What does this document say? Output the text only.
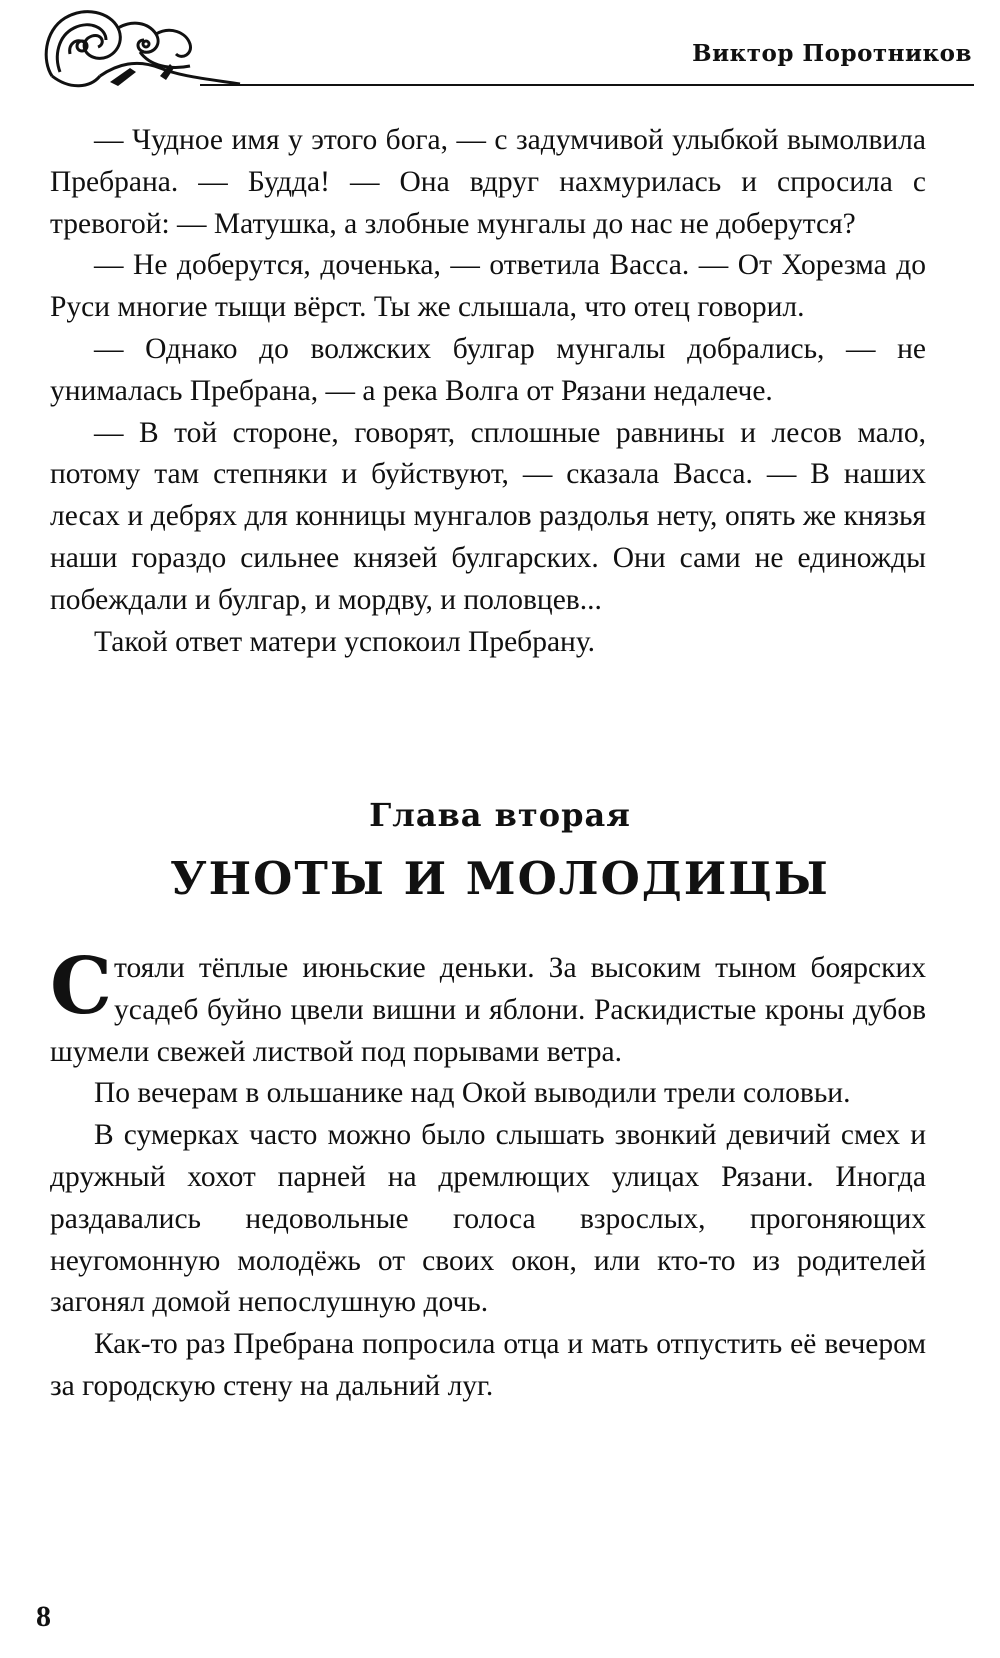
Виктор Поротников

— Чудное имя у этого бога, — с задумчивой улыбкой вымолвила Пребрана. — Будда! — Она вдруг нахмурилась и спросила с тревогой: — Матушка, а злобные мунгалы до нас не доберутся?

— Не доберутся, доченька, — ответила Васса. — От Хорезма до Руси многие тыщи вёрст. Ты же слышала, что отец говорил.

— Однако до волжских булгар мунгалы добрались, — не унималась Пребрана, — а река Волга от Рязани недалече.

— В той стороне, говорят, сплошные равнины и лесов мало, потому там степняки и буйствуют, — сказала Васса. — В наших лесах и дебрях для конницы мунгалов раздолья нету, опять же князья наши гораздо сильнее князей булгарских. Они сами не единожды побеждали и булгар, и мордву, и половцев...

Такой ответ матери успокоил Пребрану.

Глава вторая
УНОТЫ И МОЛОДИЦЫ

Стояли тёплые июньские деньки. За высоким тыном боярских усадеб буйно цвели вишни и яблони. Раскидистые кроны дубов шумели свежей листвой под порывами ветра.

По вечерам в ольшанике над Окой выводили трели соловьи.

В сумерках часто можно было слышать звонкий девичий смех и дружный хохот парней на дремлющих улицах Рязани. Иногда раздавались недовольные голоса взрослых, прогоняющих неугомонную молодёжь от своих окон, или кто-то из родителей загонял домой непослушную дочь.

Как-то раз Пребрана попросила отца и мать отпустить её вечером за городскую стену на дальний луг.

8
